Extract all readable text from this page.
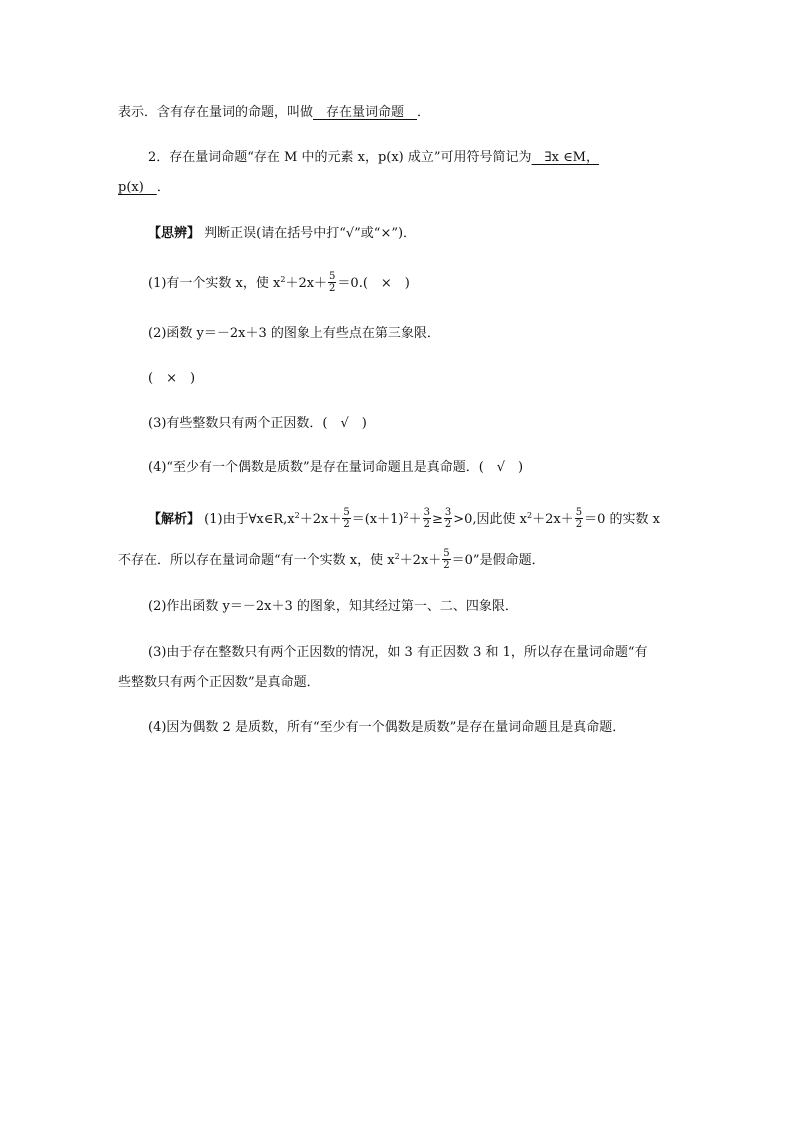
表示．含有存在量词的命题，叫做　存在量词命题　．
2．存在量词命题“存在 M 中的元素 x，p(x) 成立”可用符号简记为　∃x ∈M，
p(x)　．
【思辨】 判断正误(请在括号中打“√”或“×”)．
(1)有一个实数 x，使 $x^2+2x+ \frac{5}{2} =0$.(　×　)
(2)函数 y＝－2x＋3 的图象上有些点在第三象限．
(　×　)
(3)有些整数只有两个正因数．(　√　)
(4)“至少有一个偶数是质数”是存在量词命题且是真命题．(　√　)
【解析】 (1)由于$\forall x\in R,x^2+2x+ \frac{5}{2} =(x+1)^2+ \frac{3}{2} \ge \frac{3}{2} >0$,因此使 $x^2+2x+ \frac{5}{2} =0$ 的实数 x
不存在．所以存在量词命题“有一个实数 x，使 $x^2+2x+ \frac{5}{2} =0$”是假命题．
(2)作出函数 y＝－2x＋3 的图象，知其经过第一、二、四象限．
(3)由于存在整数只有两个正因数的情况，如 3 有正因数 3 和 1，所以存在量词命题“有
些整数只有两个正因数”是真命题．
(4)因为偶数 2 是质数，所有“至少有一个偶数是质数”是存在量词命题且是真命题．
